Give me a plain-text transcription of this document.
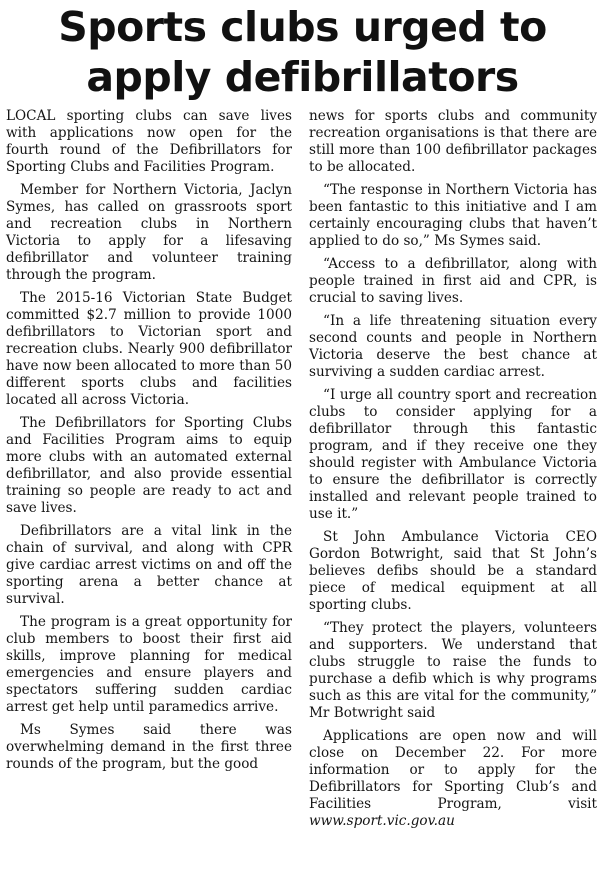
Sports clubs urged to
apply defibrillators

LOCAL sporting clubs can save lives with applications now open for the fourth round of the Defibrillators for Sporting Clubs and Facilities Program.

Member for Northern Victoria, Jaclyn Symes, has called on grassroots sport and recreation clubs in Northern Victoria to apply for a lifesaving defibrillator and volunteer training through the program.

The 2015-16 Victorian State Budget committed $2.7 million to provide 1000 defibrillators to Victorian sport and recreation clubs. Nearly 900 defibrillator have now been allocated to more than 50 different sports clubs and facilities located all across Victoria.

The Defibrillators for Sporting Clubs and Facilities Program aims to equip more clubs with an automated external defibrillator, and also provide essential training so people are ready to act and save lives.

Defibrillators are a vital link in the chain of survival, and along with CPR give cardiac arrest victims on and off the sporting arena a better chance at survival.

The program is a great opportunity for club members to boost their first aid skills, improve planning for medical emergencies and ensure players and spectators suffering sudden cardiac arrest get help until paramedics arrive.

Ms Symes said there was overwhelming demand in the first three rounds of the program, but the good

news for sports clubs and community recreation organisations is that there are still more than 100 defibrillator packages to be allocated.

“The response in Northern Victoria has been fantastic to this initiative and I am certainly encouraging clubs that haven’t applied to do so,” Ms Symes said.

“Access to a defibrillator, along with people trained in first aid and CPR, is crucial to saving lives.

“In a life threatening situation every second counts and people in Northern Victoria deserve the best chance at surviving a sudden cardiac arrest.

“I urge all country sport and recreation clubs to consider applying for a defibrillator through this fantastic program, and if they receive one they should register with Ambulance Victoria to ensure the defibrillator is correctly installed and relevant people trained to use it.”

St John Ambulance Victoria CEO Gordon Botwright, said that St John’s believes defibs should be a standard piece of medical equipment at all sporting clubs.

“They protect the players, volunteers and supporters. We understand that clubs struggle to raise the funds to purchase a defib which is why programs such as this are vital for the community,” Mr Botwright said

Applications are open now and will close on December 22. For more information or to apply for the Defibrillators for Sporting Club’s and Facilities Program, visit www.sport.vic.gov.au
